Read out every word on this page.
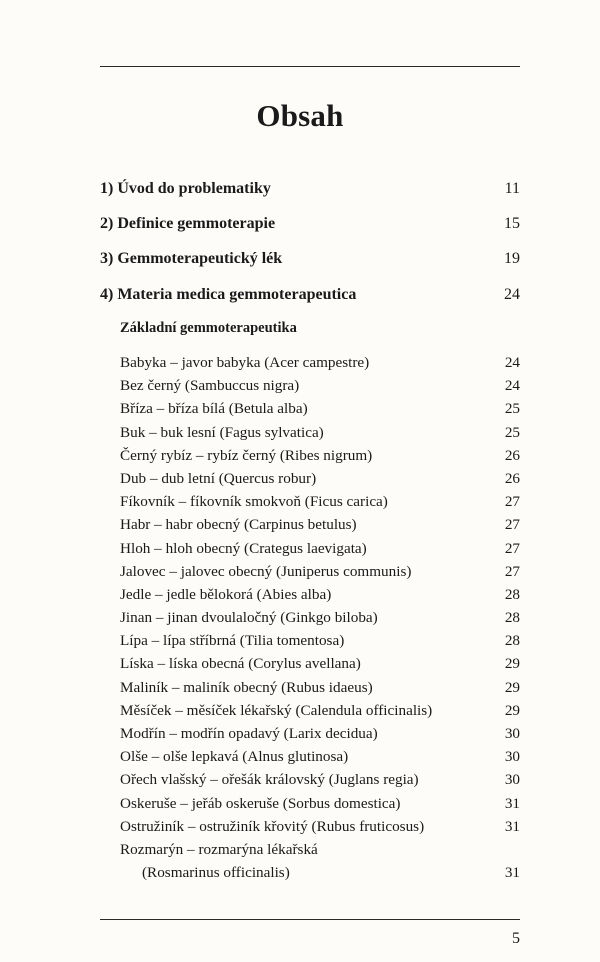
Obsah
1) Úvod do problematiky	11
2) Definice gemmoterapie	15
3) Gemmoterapeutický lék	19
4) Materia medica gemmoterapeutica	24
Základní gemmoterapeutika
Babyka – javor babyka (Acer campestre)	24
Bez černý (Sambuccus nigra)	24
Bříza – bříza bílá (Betula alba)	25
Buk – buk lesní (Fagus sylvatica)	25
Černý rybíz – rybíz černý (Ribes nigrum)	26
Dub – dub letní (Quercus robur)	26
Fíkovník – fíkovník smokvoň (Ficus carica)	27
Habr – habr obecný (Carpinus betulus)	27
Hloh – hloh obecný (Crategus laevigata)	27
Jalovec – jalovec obecný (Juniperus communis)	27
Jedle – jedle bělokorá (Abies alba)	28
Jinan – jinan dvoulaločný (Ginkgo biloba)	28
Lípa – lípa stříbrná (Tilia tomentosa)	28
Líska – líska obecná (Corylus avellana)	29
Maliník – maliník obecný (Rubus idaeus)	29
Měsíček – měsíček lékařský (Calendula officinalis)	29
Modřín – modřín opadavý (Larix decidua)	30
Olše – olše lepkavá (Alnus glutinosa)	30
Ořech vlašský – ořešák královský (Juglans regia)	30
Oskeruše – jeřáb oskeruše (Sorbus domestica)	31
Ostružiník – ostružiník křovitý (Rubus fruticosus)	31
Rozmarýn – rozmarýna lékařská
(Rosmarinus officinalis)	31
5
